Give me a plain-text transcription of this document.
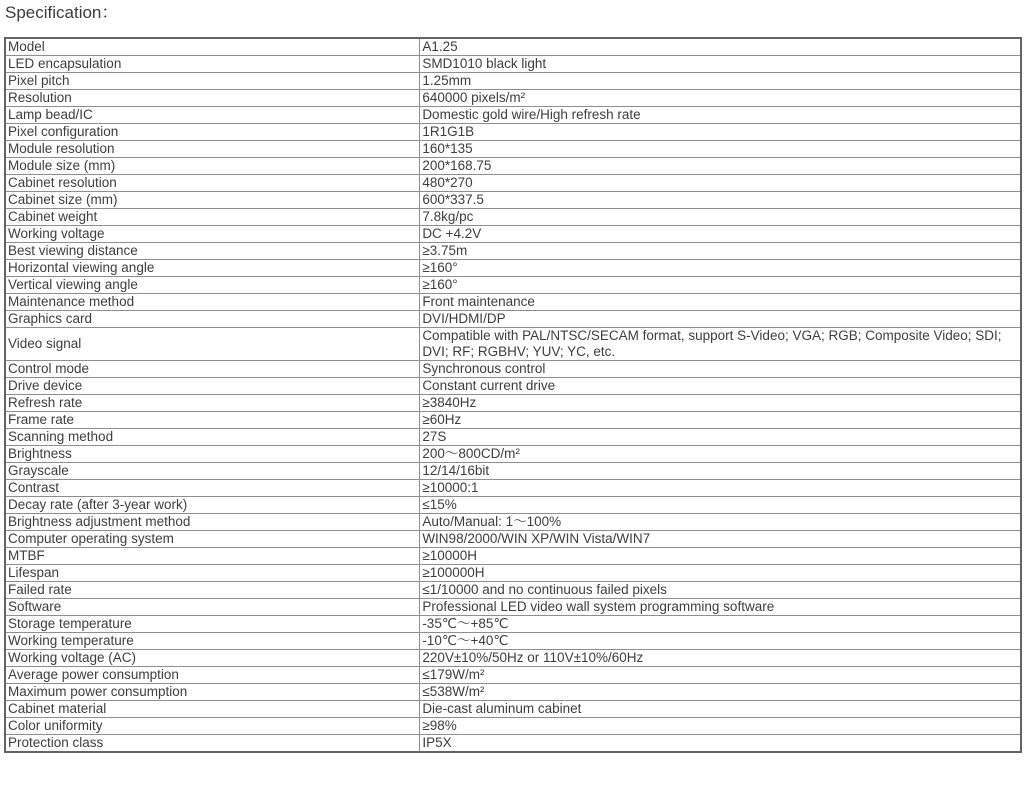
Specification：
Model	A1.25
LED encapsulation	SMD1010 black light
Pixel pitch	1.25mm
Resolution	640000 pixels/m²
Lamp bead/IC	Domestic gold wire/High refresh rate
Pixel configuration	1R1G1B
Module resolution	160*135
Module size (mm)	200*168.75
Cabinet resolution	480*270
Cabinet size (mm)	600*337.5
Cabinet weight	7.8kg/pc
Working voltage	DC +4.2V
Best viewing distance	≥3.75m
Horizontal viewing angle	≥160°
Vertical viewing angle	≥160°
Maintenance method	Front maintenance
Graphics card	DVI/HDMI/DP
Video signal	Compatible with PAL/NTSC/SECAM format, support S-Video; VGA; RGB; Composite Video; SDI; DVI; RF; RGBHV; YUV; YC, etc.
Control mode	Synchronous control
Drive device	Constant current drive
Refresh rate	≥3840Hz
Frame rate	≥60Hz
Scanning method	27S
Brightness	200～800CD/m²
Grayscale	12/14/16bit
Contrast	≥10000:1
Decay rate (after 3-year work)	≤15%
Brightness adjustment method	Auto/Manual: 1～100%
Computer operating system	WIN98/2000/WIN XP/WIN Vista/WIN7
MTBF	≥10000H
Lifespan	≥100000H
Failed rate	≤1/10000 and no continuous failed pixels
Software	Professional LED video wall system programming software
Storage temperature	-35℃～+85℃
Working temperature	-10℃～+40℃
Working voltage (AC)	220V±10%/50Hz or 110V±10%/60Hz
Average power consumption	≤179W/m²
Maximum power consumption	≤538W/m²
Cabinet material	Die-cast aluminum cabinet
Color uniformity	≥98%
Protection class	IP5X
